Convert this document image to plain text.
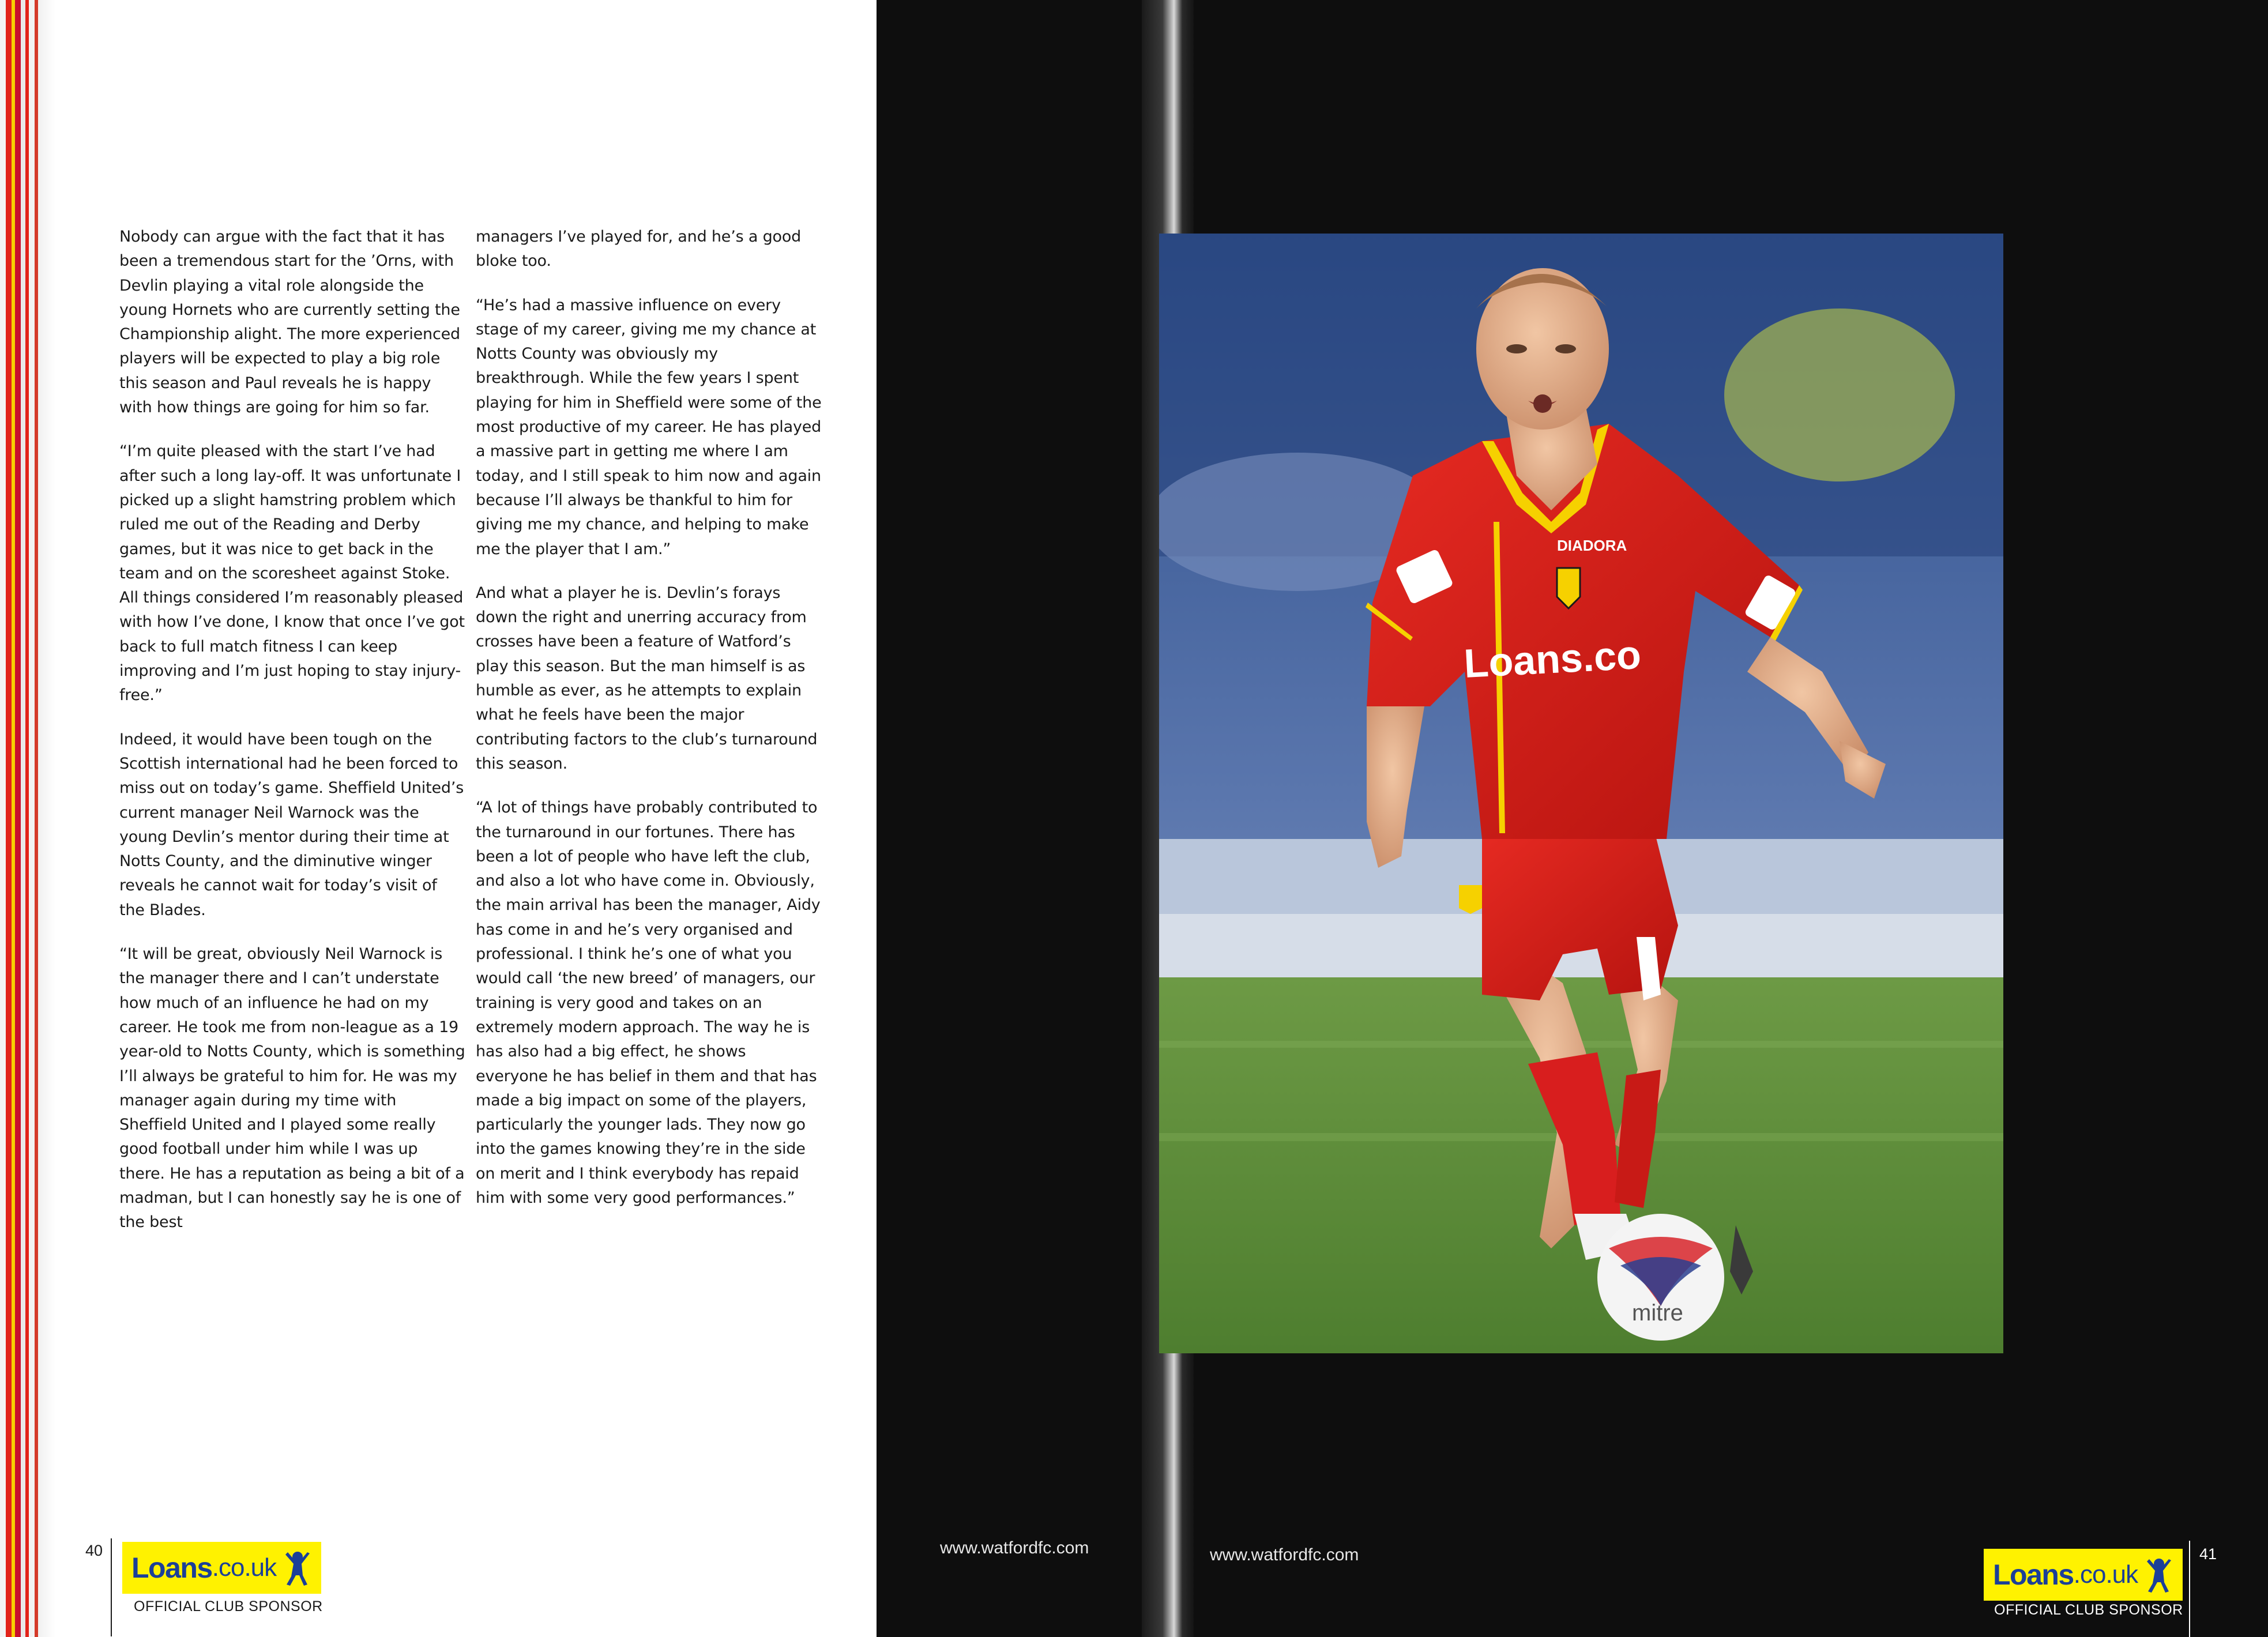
Nobody can argue with the fact that it has been a tremendous start for the ’Orns, with Devlin playing a vital role alongside the young Hornets who are currently setting the Championship alight. The more experienced players will be expected to play a big role this season and Paul reveals he is happy with how things are going for him so far.

“I’m quite pleased with the start I’ve had after such a long lay-off. It was unfortunate I picked up a slight hamstring problem which ruled me out of the Reading and Derby games, but it was nice to get back in the team and on the scoresheet against Stoke. All things considered I’m reasonably pleased with how I’ve done, I know that once I’ve got back to full match fitness I can keep improving and I’m just hoping to stay injury-free.”

Indeed, it would have been tough on the Scottish international had he been forced to miss out on today’s game. Sheffield United’s current manager Neil Warnock was the young Devlin’s mentor during their time at Notts County, and the diminutive winger reveals he cannot wait for today’s visit of the Blades.

“It will be great, obviously Neil Warnock is the manager there and I can’t understate how much of an influence he had on my career. He took me from non-league as a 19 year-old to Notts County, which is something I’ll always be grateful to him for. He was my manager again during my time with Sheffield United and I played some really good football under him while I was up there. He has a reputation as being a bit of a madman, but I can honestly say he is one of the best

managers I’ve played for, and he’s a good bloke too.

“He’s had a massive influence on every stage of my career, giving me my chance at Notts County was obviously my breakthrough. While the few years I spent playing for him in Sheffield were some of the most productive of my career. He has played a massive part in getting me where I am today, and I still speak to him now and again because I’ll always be thankful to him for giving me my chance, and helping to make me the player that I am.”

And what a player he is. Devlin’s forays down the right and unerring accuracy from crosses have been a feature of Watford’s play this season. But the man himself is as humble as ever, as he attempts to explain what he feels have been the major contributing factors to the club’s turnaround this season.

“A lot of things have probably contributed to the turnaround in our fortunes. There has been a lot of people who have left the club, and also a lot who have come in. Obviously, the main arrival has been the manager, Aidy has come in and he’s very organised and professional. I think he’s one of what you would call ‘the new breed’ of managers, our training is very good and takes on an extremely modern approach. The way he is has also had a big effect, he shows everyone he has belief in them and that has made a big impact on some of the players, particularly the younger lads. They now go into the games knowing they’re in the side on merit and I think everybody has repaid him with some very good performances.”

40
Loans .co.uk
OFFICIAL CLUB SPONSOR
www.watfordfc.com	www.watfordfc.com
DIADORA
Loans.co
mitre
Loans .co.uk
OFFICIAL CLUB SPONSOR
41
